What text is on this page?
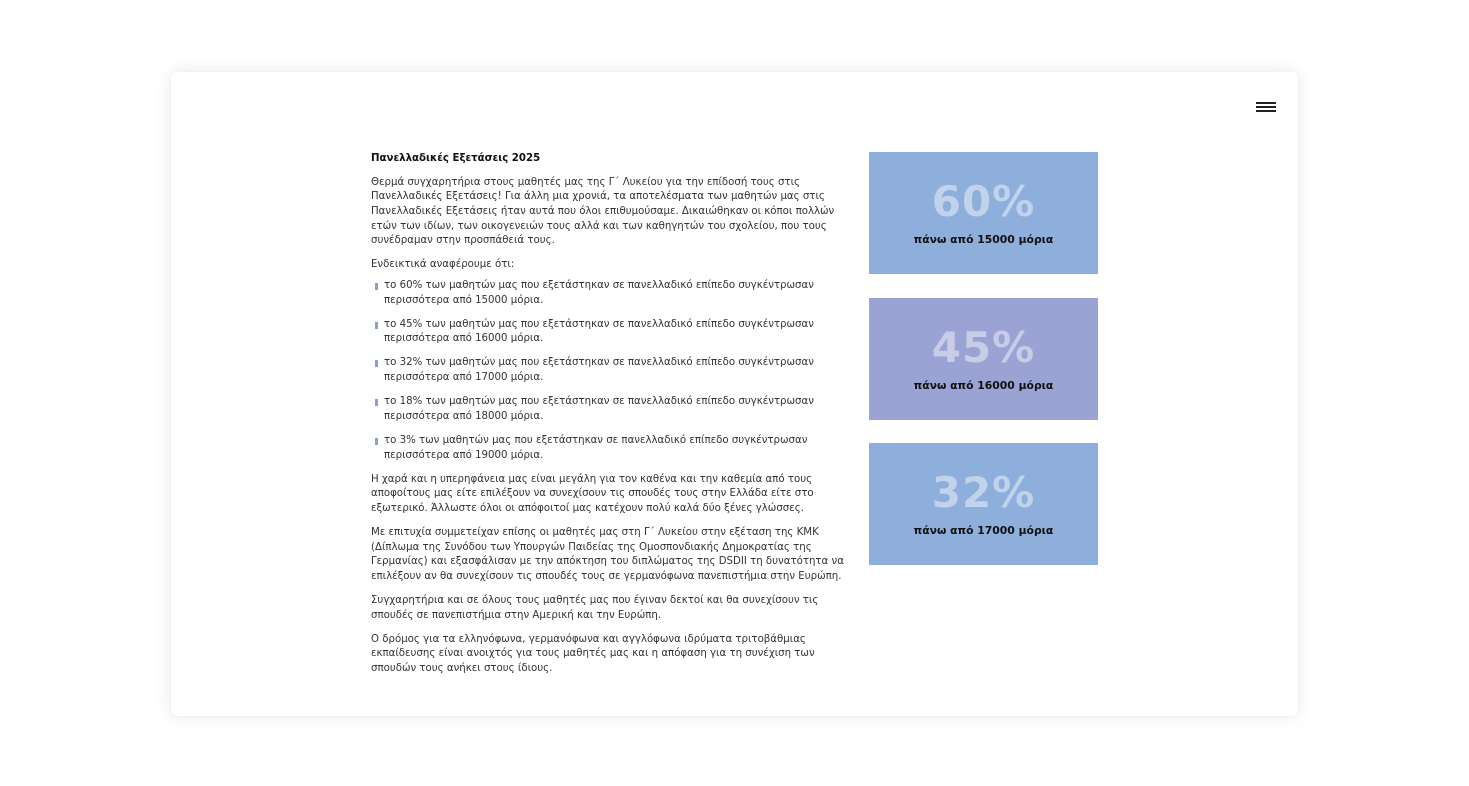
Πανελλαδικές Εξετάσεις 2025

Θερμά συγχαρητήρια στους μαθητές μας της Γ΄ Λυκείου για την επίδοσή τους στις Πανελλαδικές Εξετάσεις! Για άλλη μια χρονιά, τα αποτελέσματα των μαθητών μας στις Πανελλαδικές Εξετάσεις ήταν αυτά που όλοι επιθυμούσαμε. Δικαιώθηκαν οι κόποι πολλών ετών των ιδίων, των οικογενειών τους αλλά και των καθηγητών του σχολείου, που τους συνέδραμαν στην προσπάθειά τους.

Ενδεικτικά αναφέρουμε ότι:

το 60% των μαθητών μας που εξετάστηκαν σε πανελλαδικό επίπεδο συγκέντρωσαν περισσότερα από 15000 μόρια.
το 45% των μαθητών μας που εξετάστηκαν σε πανελλαδικό επίπεδο συγκέντρωσαν περισσότερα από 16000 μόρια.
το 32% των μαθητών μας που εξετάστηκαν σε πανελλαδικό επίπεδο συγκέντρωσαν περισσότερα από 17000 μόρια.
το 18% των μαθητών μας που εξετάστηκαν σε πανελλαδικό επίπεδο συγκέντρωσαν περισσότερα από 18000 μόρια.
το 3% των μαθητών μας που εξετάστηκαν σε πανελλαδικό επίπεδο συγκέντρωσαν περισσότερα από 19000 μόρια.

Η χαρά και η υπερηφάνεια μας είναι μεγάλη για τον καθένα και την καθεμία από τους αποφοίτους μας είτε επιλέξουν να συνεχίσουν τις σπουδές τους στην Ελλάδα είτε στο εξωτερικό. Άλλωστε όλοι οι απόφοιτοί μας κατέχουν πολύ καλά δύο ξένες γλώσσες.

Με επιτυχία συμμετείχαν επίσης οι μαθητές μας στη Γ΄ Λυκείου στην εξέταση της ΚΜΚ (Δίπλωμα της Συνόδου των Υπουργών Παιδείας της Ομοσπονδιακής Δημοκρατίας της Γερμανίας) και εξασφάλισαν με την απόκτηση του διπλώματος της DSDII τη δυνατότητα να επιλέξουν αν θα συνεχίσουν τις σπουδές τους σε γερμανόφωνα πανεπιστήμια στην Ευρώπη.

Συγχαρητήρια και σε όλους τους μαθητές μας που έγιναν δεκτοί και θα συνεχίσουν τις σπουδές σε πανεπιστήμια στην Αμερική και την Ευρώπη.

Ο δρόμος για τα ελληνόφωνα, γερμανόφωνα και αγγλόφωνα ιδρύματα τριτοβάθμιας εκπαίδευσης είναι ανοιχτός για τους μαθητές μας και η απόφαση για τη συνέχιση των σπουδών τους ανήκει στους ίδιους.

60%
πάνω από 15000 μόρια
45%
πάνω από 16000 μόρια
32%
πάνω από 17000 μόρια
